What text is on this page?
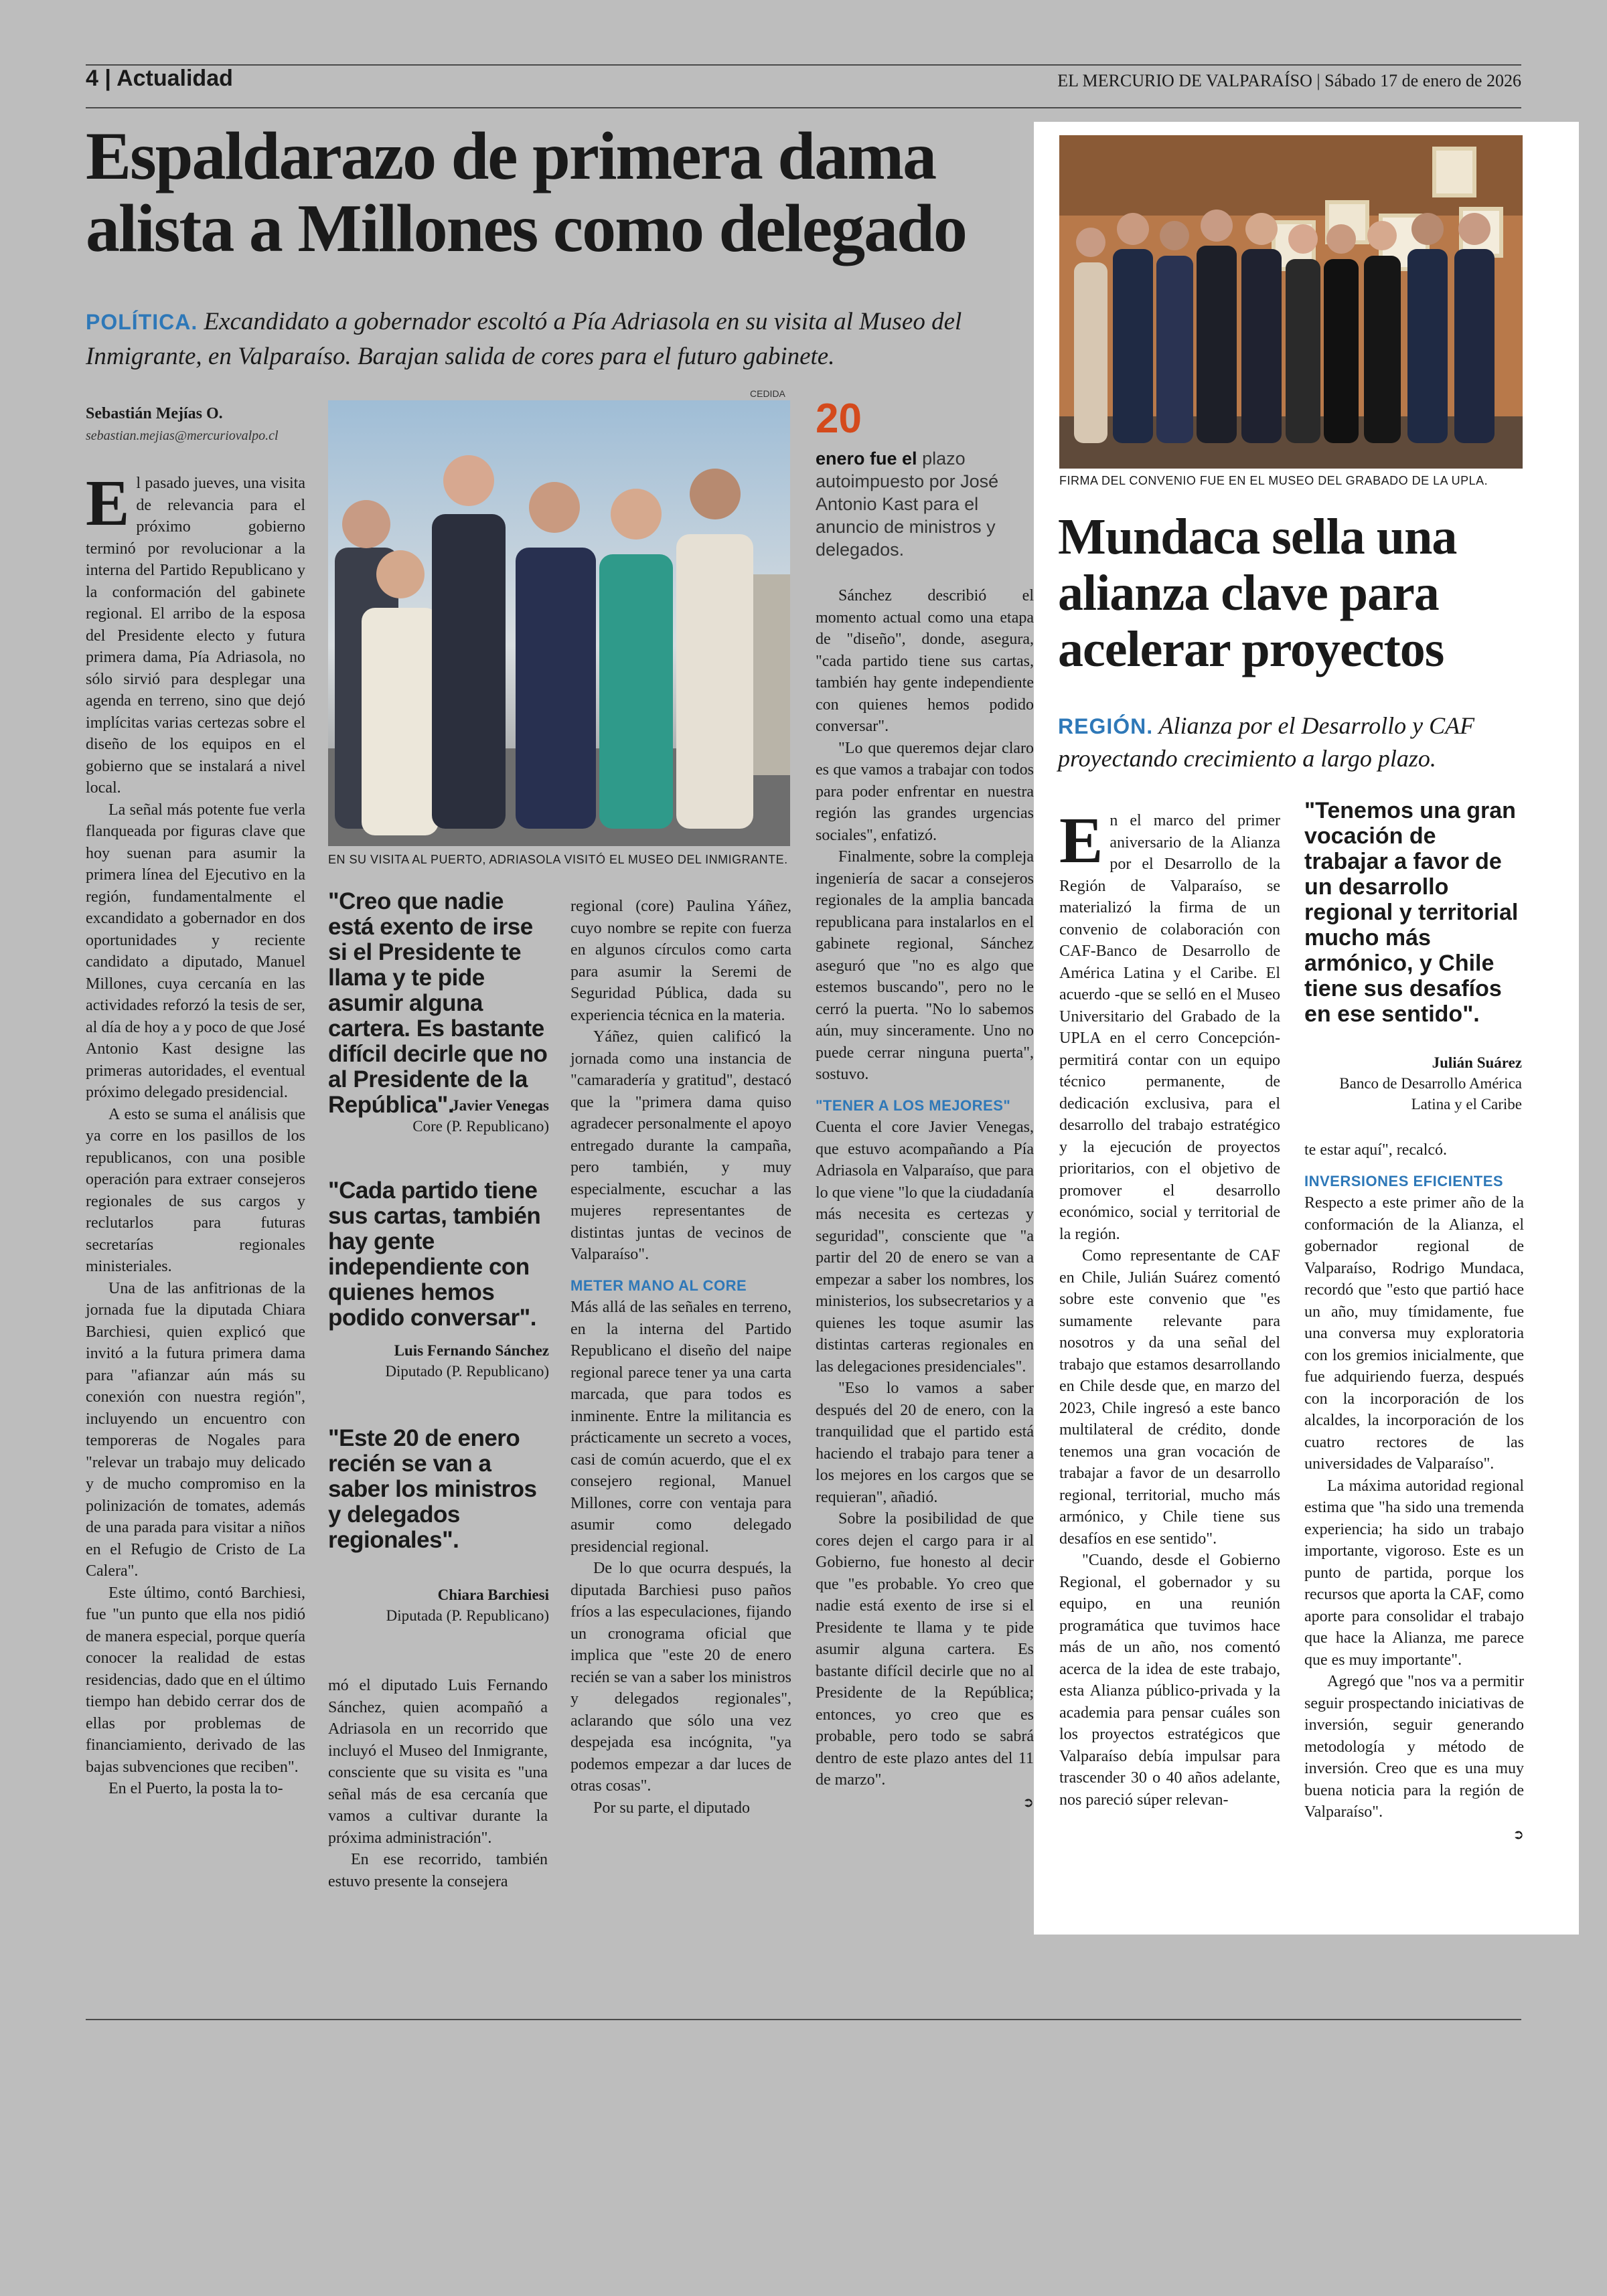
4 | Actualidad	EL MERCURIO DE VALPARAÍSO | Sábado 17 de enero de 2026
Espaldarazo de primera dama alista a Millones como delegado
POLÍTICA. Excandidato a gobernador escoltó a Pía Adriasola en su visita al Museo del Inmigrante, en Valparaíso. Barajan salida de cores para el futuro gabinete.
Sebastián Mejías O.
sebastian.mejias@mercuriovalpo.cl
E l pasado jueves, una visita de relevancia para el próximo gobierno terminó por revolucionar a la interna del Partido Republicano y la conformación del gabinete regional. El arribo de la esposa del Presidente electo y futura primera dama, Pía Adriasola, no sólo sirvió para desplegar una agenda en terreno, sino que dejó implícitas varias certezas sobre el diseño de los equipos en el gobierno que se instalará a nivel local.

La señal más potente fue verla flanqueada por figuras clave que hoy suenan para asumir la primera línea del Ejecutivo en la región, fundamentalmente el excandidato a gobernador en dos oportunidades y reciente candidato a diputado, Manuel Millones, cuya cercanía en las actividades reforzó la tesis de ser, al día de hoy a y poco de que José Antonio Kast designe las primeras autoridades, el eventual próximo delegado presidencial.

A esto se suma el análisis que ya corre en los pasillos de los republicanos, con una posible operación para extraer consejeros regionales de sus cargos y reclutarlos para futuras secretarías regionales ministeriales.

Una de las anfitrionas de la jornada fue la diputada Chiara Barchiesi, quien explicó que invitó a la futura primera dama para "afianzar aún más su conexión con nuestra región", incluyendo un encuentro con temporeras de Nogales para "relevar un trabajo muy delicado y de mucho compromiso en la polinización de tomates, además de una parada para visitar a niños en el Refugio de Cristo de La Calera".

Este último, contó Barchiesi, fue "un punto que ella nos pidió de manera especial, porque quería conocer la realidad de estas residencias, dado que en el último tiempo han debido cerrar dos de ellas por problemas de financiamiento, derivado de las bajas subvenciones que reciben".

En el Puerto, la posta la to-

CEDIDA
EN SU VISITA AL PUERTO, ADRIASOLA VISITÓ EL MUSEO DEL INMIGRANTE.
20
enero fue el plazo autoimpuesto por José Antonio Kast para el anuncio de ministros y delegados.
"Creo que nadie está exento de irse si el Presidente te llama y te pide asumir alguna cartera. Es bastante difícil decirle que no al Presidente de la República".
Javier Venegas
Core (P. Republicano)
"Cada partido tiene sus cartas, también hay gente independiente con quienes hemos podido conversar".
Luis Fernando Sánchez
Diputado (P. Republicano)
"Este 20 de enero recién se van a saber los ministros y delegados regionales".
Chiara Barchiesi
Diputada (P. Republicano)

mó el diputado Luis Fernando Sánchez, quien acompañó a Adriasola en un recorrido que incluyó el Museo del Inmigrante, consciente que su visita es "una señal más de esa cercanía que vamos a cultivar durante la próxima administración".

En ese recorrido, también estuvo presente la consejera

regional (core) Paulina Yáñez, cuyo nombre se repite con fuerza en algunos círculos como carta para asumir la Seremi de Seguridad Pública, dada su experiencia técnica en la materia.

Yáñez, quien calificó la jornada como una instancia de "camaradería y gratitud", destacó que la "primera dama quiso agradecer personalmente el apoyo entregado durante la campaña, pero también, y muy especialmente, escuchar a las mujeres representantes de distintas juntas de vecinos de Valparaíso".

METER MANO AL CORE

Más allá de las señales en terreno, en la interna del Partido Republicano el diseño del naipe regional parece tener ya una carta marcada, que para todos es inminente. Entre la militancia es prácticamente un secreto a voces, casi de común acuerdo, que el ex consejero regional, Manuel Millones, corre con ventaja para asumir como delegado presidencial regional.

De lo que ocurra después, la diputada Barchiesi puso paños fríos a las especulaciones, fijando un cronograma oficial que implica que "este 20 de enero recién se van a saber los ministros y delegados regionales", aclarando que sólo una vez despejada esa incógnita, "ya podemos empezar a dar luces de otras cosas".

Por su parte, el diputado

Sánchez describió el momento actual como una etapa de "diseño", donde, asegura, "cada partido tiene sus cartas, también hay gente independiente con quienes hemos podido conversar".

"Lo que queremos dejar claro es que vamos a trabajar con todos para poder enfrentar en nuestra región las grandes urgencias sociales", enfatizó.

Finalmente, sobre la compleja ingeniería de sacar a consejeros regionales de la amplia bancada republicana para instalarlos en el gabinete regional, Sánchez aseguró que "no es algo que estemos buscando", pero no le cerró la puerta. "No lo sabemos aún, muy sinceramente. Uno no puede cerrar ninguna puerta", sostuvo.

"TENER A LOS MEJORES"

Cuenta el core Javier Venegas, que estuvo acompañando a Pía Adriasola en Valparaíso, que para lo que viene "lo que la ciudadanía más necesita es certezas y seguridad", consciente que "a partir del 20 de enero se van a empezar a saber los nombres, los ministerios, los subsecretarios y a quienes les toque asumir las distintas carteras regionales en las delegaciones presidenciales".

"Eso lo vamos a saber después del 20 de enero, con la tranquilidad que el partido está haciendo el trabajo para tener a los mejores en los cargos que se requieran", añadió.

Sobre la posibilidad de que cores dejen el cargo para ir al Gobierno, fue honesto al decir que "es probable. Yo creo que nadie está exento de irse si el Presidente te llama y te pide asumir alguna cartera. Es bastante difícil decirle que no al Presidente de la República; entonces, yo creo que es probable, pero todo se sabrá dentro de este plazo antes del 11 de marzo".

➲

FIRMA DEL CONVENIO FUE EN EL MUSEO DEL GRABADO DE LA UPLA.
Mundaca sella una alianza clave para acelerar proyectos
REGIÓN. Alianza por el Desarrollo y CAF proyectando crecimiento a largo plazo.
E n el marco del primer aniversario de la Alianza por el Desarrollo de la Región de Valparaíso, se materializó la firma de un convenio de colaboración con CAF-Banco de Desarrollo de América Latina y el Caribe. El acuerdo -que se selló en el Museo Universitario del Grabado de la UPLA en el cerro Concepción- permitirá contar con un equipo técnico permanente, de dedicación exclusiva, para el desarrollo del trabajo estratégico y la ejecución de proyectos prioritarios, con el objetivo de promover el desarrollo económico, social y territorial de la región.

Como representante de CAF en Chile, Julián Suárez comentó sobre este convenio que "es sumamente relevante para nosotros y da una señal del trabajo que estamos desarrollando en Chile desde que, en marzo del 2023, Chile ingresó a este banco multilateral de crédito, donde tenemos una gran vocación de trabajar a favor de un desarrollo regional, territorial, mucho más armónico, y Chile tiene sus desafíos en ese sentido".

"Cuando, desde el Gobierno Regional, el gobernador y su equipo, en una reunión programática que tuvimos hace más de un año, nos comentó acerca de la idea de este trabajo, esta Alianza público-privada y la academia para pensar cuáles son los proyectos estratégicos que Valparaíso debía impulsar para trascender 30 o 40 años adelante, nos pareció súper relevan-

"Tenemos una gran vocación de trabajar a favor de un desarrollo regional y territorial mucho más armónico, y Chile tiene sus desafíos en ese sentido".
Julián Suárez
Banco de Desarrollo América Latina y el Caribe

te estar aquí", recalcó.

INVERSIONES EFICIENTES

Respecto a este primer año de la conformación de la Alianza, el gobernador regional de Valparaíso, Rodrigo Mundaca, recordó que "esto que partió hace un año, muy tímidamente, fue una conversa muy exploratoria con los gremios inicialmente, que fue adquiriendo fuerza, después con la incorporación de los alcaldes, la incorporación de los cuatro rectores de las universidades de Valparaíso".

La máxima autoridad regional estima que "ha sido una tremenda experiencia; ha sido un trabajo importante, vigoroso. Este es un punto de partida, porque los recursos que aporta la CAF, como aporte para consolidar el trabajo que hace la Alianza, me parece que es muy importante".

Agregó que "nos va a permitir seguir prospectando iniciativas de inversión, seguir generando metodología y método de inversión. Creo que es una muy buena noticia para la región de Valparaíso".

➲
